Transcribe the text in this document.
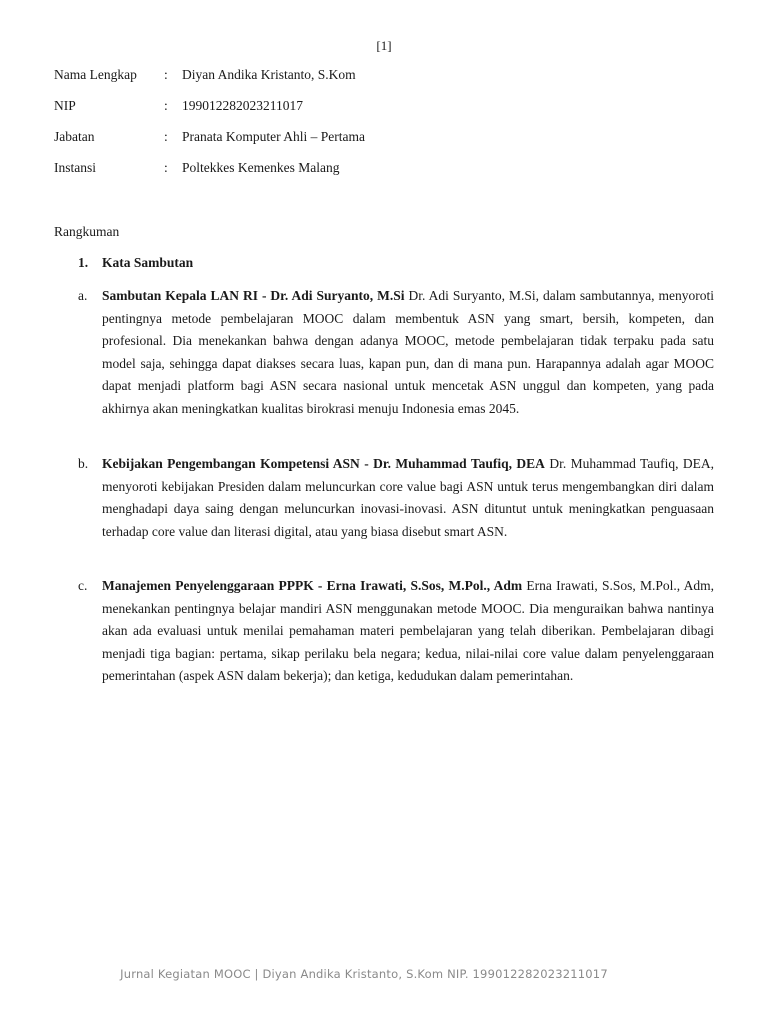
[1]
Nama Lengkap	:	Diyan Andika Kristanto, S.Kom
NIP	:	199012282023211017
Jabatan	:	Pranata Komputer Ahli – Pertama
Instansi	:	Poltekkes Kemenkes Malang
Rangkuman
1. Kata Sambutan
a.	Sambutan Kepala LAN RI - Dr. Adi Suryanto, M.Si Dr. Adi Suryanto, M.Si, dalam sambutannya, menyoroti pentingnya metode pembelajaran MOOC dalam membentuk ASN yang smart, bersih, kompeten, dan profesional. Dia menekankan bahwa dengan adanya MOOC, metode pembelajaran tidak terpaku pada satu model saja, sehingga dapat diakses secara luas, kapan pun, dan di mana pun. Harapannya adalah agar MOOC dapat menjadi platform bagi ASN secara nasional untuk mencetak ASN unggul dan kompeten, yang pada akhirnya akan meningkatkan kualitas birokrasi menuju Indonesia emas 2045.
b.	Kebijakan Pengembangan Kompetensi ASN - Dr. Muhammad Taufiq, DEA Dr. Muhammad Taufiq, DEA, menyoroti kebijakan Presiden dalam meluncurkan core value bagi ASN untuk terus mengembangkan diri dalam menghadapi daya saing dengan meluncurkan inovasi-inovasi. ASN dituntut untuk meningkatkan penguasaan terhadap core value dan literasi digital, atau yang biasa disebut smart ASN.
c.	Manajemen Penyelenggaraan PPPK - Erna Irawati, S.Sos, M.Pol., Adm Erna Irawati, S.Sos, M.Pol., Adm, menekankan pentingnya belajar mandiri ASN menggunakan metode MOOC. Dia menguraikan bahwa nantinya akan ada evaluasi untuk menilai pemahaman materi pembelajaran yang telah diberikan. Pembelajaran dibagi menjadi tiga bagian: pertama, sikap perilaku bela negara; kedua, nilai-nilai core value dalam penyelenggaraan pemerintahan (aspek ASN dalam bekerja); dan ketiga, kedudukan dalam pemerintahan.
Jurnal Kegiatan MOOC | Diyan Andika Kristanto, S.Kom NIP. 199012282023211017
